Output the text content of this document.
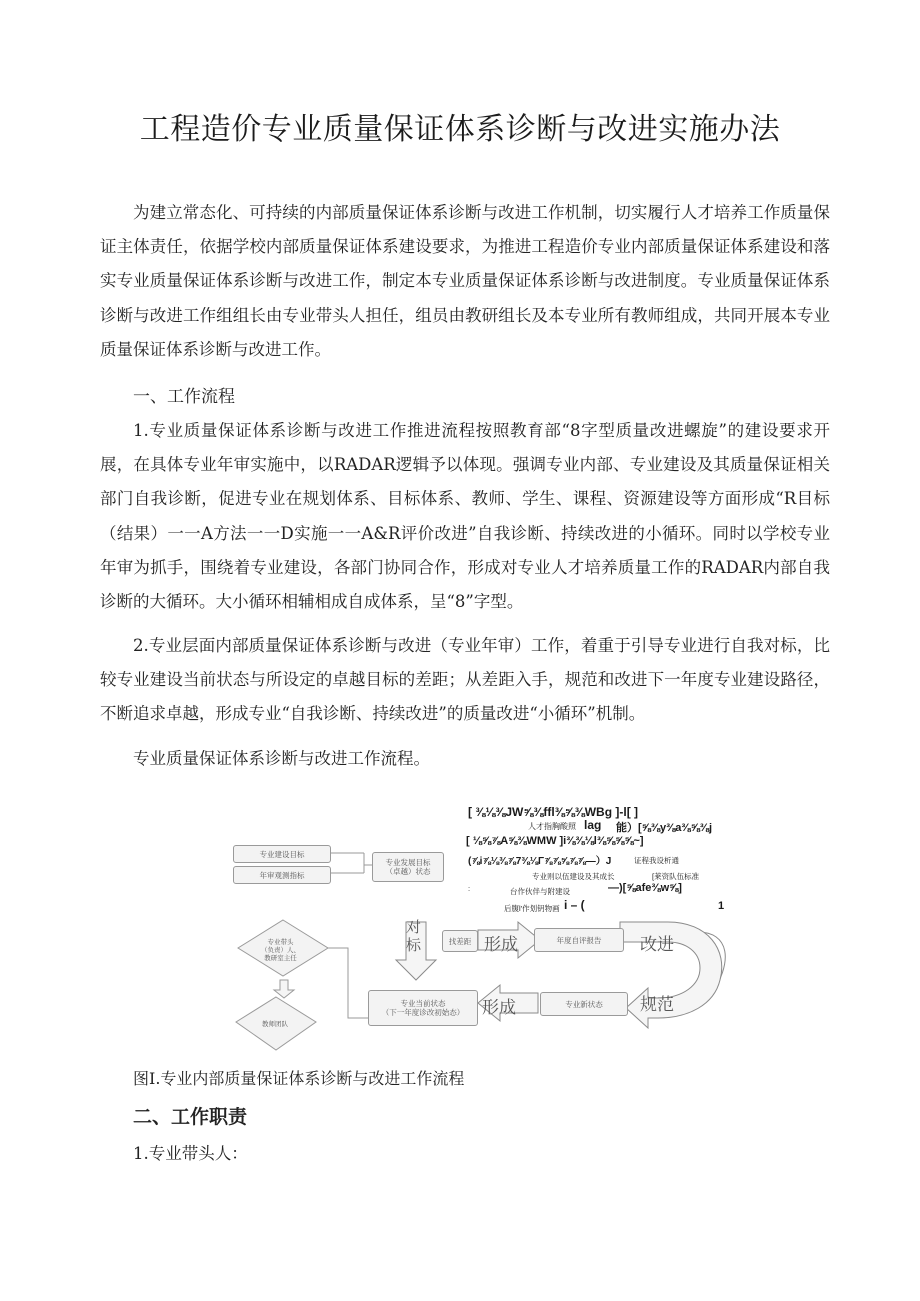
工程造价专业质量保证体系诊断与改进实施办法

为建立常态化、可持续的内部质量保证体系诊断与改进工作机制，切实履行人才培养工作质量保证主体责任，依据学校内部质量保证体系建设要求，为推进工程造价专业内部质量保证体系建设和落实专业质量保证体系诊断与改进工作，制定本专业质量保证体系诊断与改进制度。专业质量保证体系诊断与改进工作组组长由专业带头人担任，组员由教研组长及本专业所有教师组成，共同开展本专业质量保证体系诊断与改进工作。

一、工作流程

1.专业质量保证体系诊断与改进工作推进流程按照教育部“8字型质量改进螺旋”的建设要求开展，在具体专业年审实施中，以RADAR逻辑予以体现。强调专业内部、专业建设及其质量保证相关部门自我诊断，促进专业在规划体系、目标体系、教师、学生、课程、资源建设等方面形成“R目标（结果）一一A方法一一D实施一一A&R评价改进”自我诊断、持续改进的小循环。同时以学校专业年审为抓手，围绕着专业建设，各部门协同合作，形成对专业人才培养质量工作的RADAR内部自我诊断的大循环。大小循环相辅相成自成体系，呈“8”字型。

2.专业层面内部质量保证体系诊断与改进（专业年审）工作，着重于引导专业进行自我对标，比较专业建设当前状态与所设定的卓越目标的差距；从差距入手，规范和改进下一年度专业建设路径，不断追求卓越，形成专业“自我诊断、持续改进”的质量改进“小循环”机制。

专业质量保证体系诊断与改进工作流程。
专业建设目标
年审观测指标
专业发展目标
（卓越）状态
专业带头
（负责）人、
教研室主任
教师团队
找差距	年度自评报告
专业当前状态
（下一年度诊改初始态）
专业新状态
对
标	形成	改进
形成	规范
[ ⅜⅛⅜JW⅝⅜ffl⅜⅝⅜WBg ]-l[ ]
人才指胸酸照 lag 能）[⅝⅜y⅜a⅜⅝⅜j
[ ⅛⅝⅞A⅝⅜WMW ]i⅜⅜⅛l⅜⅝⅝⅝~]
(⅞i⅞⅛⅜⅞7⅜⅛Γ⅞⅞⅝⅞⅞—）J	证程我设析通
专业则以伍建设及其成长	[莱资队伍标准
:	台作伙伴与附建设	—)[⅝afe⅜w⅝]
后腹l'作划钥物画 i – (	1
图I.专业内部质量保证体系诊断与改进工作流程
二、工作职责
1.专业带头人：
